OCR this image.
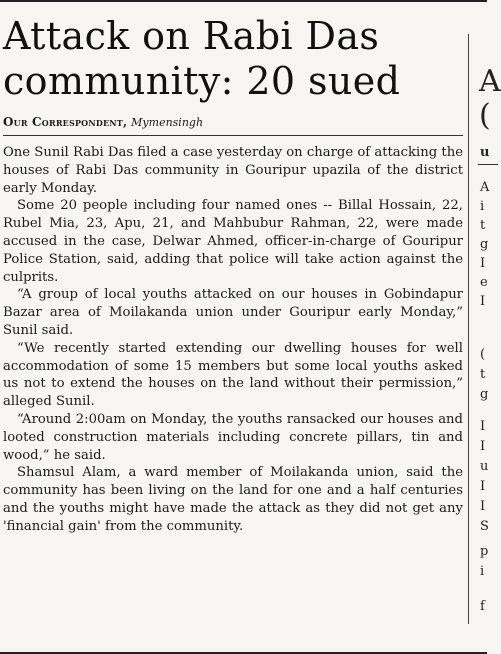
Attack on Rabi Das
community: 20 sued
Our Correspondent, Mymensingh

One Sunil Rabi Das filed a case yesterday on charge of attacking the houses of Rabi Das community in Gouripur upazila of the district early Monday.

Some 20 people including four named ones -- Billal Hossain, 22, Rubel Mia, 23, Apu, 21, and Mahbubur Rahman, 22, were made accused in the case, Delwar Ahmed, officer-in-charge of Gouripur Police Station, said, adding that police will take action against the culprits.

“A group of local youths attacked on our houses in Gobindapur Bazar area of Moilakanda union under Gouripur early Monday,” Sunil said.

“We recently started extending our dwelling houses for well accommodation of some 15 members but some local youths asked us not to extend the houses on the land without their permission,” alleged Sunil.

“Around 2:00am on Monday, the youths ransacked our houses and looted construction materials including concrete pillars, tin and wood,” he said.

Shamsul Alam, a ward member of Moilakanda union, said the community has been living on the land for one and a half centuries and the youths might have made the attack as they did not get any 'financial gain' from the community.

A
(
u
A
i
t
g
I
e
I
(
t
g
I
I
u
I
I
S
p
i
f
